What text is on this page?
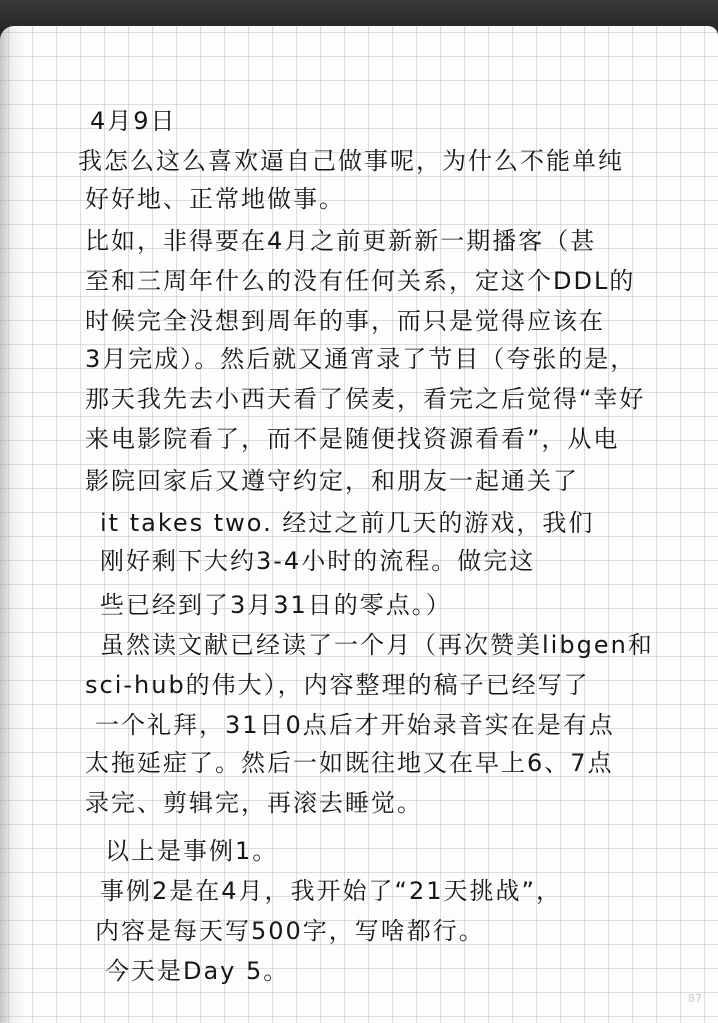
4月9日
我怎么这么喜欢逼自己做事呢，为什么不能单纯
好好地、正常地做事。
比如，非得要在4月之前更新新一期播客（甚
至和三周年什么的没有任何关系，定这个DDL的
时候完全没想到周年的事，而只是觉得应该在
3月完成）。然后就又通宵录了节目（夸张的是，
那天我先去小西天看了侯麦，看完之后觉得“幸好
来电影院看了，而不是随便找资源看看”，从电
影院回家后又遵守约定，和朋友一起通关了
it takes two. 经过之前几天的游戏，我们
刚好剩下大约3-4小时的流程。做完这
些已经到了3月31日的零点。）
虽然读文献已经读了一个月（再次赞美libgen和
sci-hub的伟大），内容整理的稿子已经写了
一个礼拜，31日0点后才开始录音实在是有点
太拖延症了。然后一如既往地又在早上6、7点
录完、剪辑完，再滚去睡觉。
以上是事例1。
事例2是在4月，我开始了“21天挑战”，
内容是每天写500字，写啥都行。
今天是Day 5。
87
